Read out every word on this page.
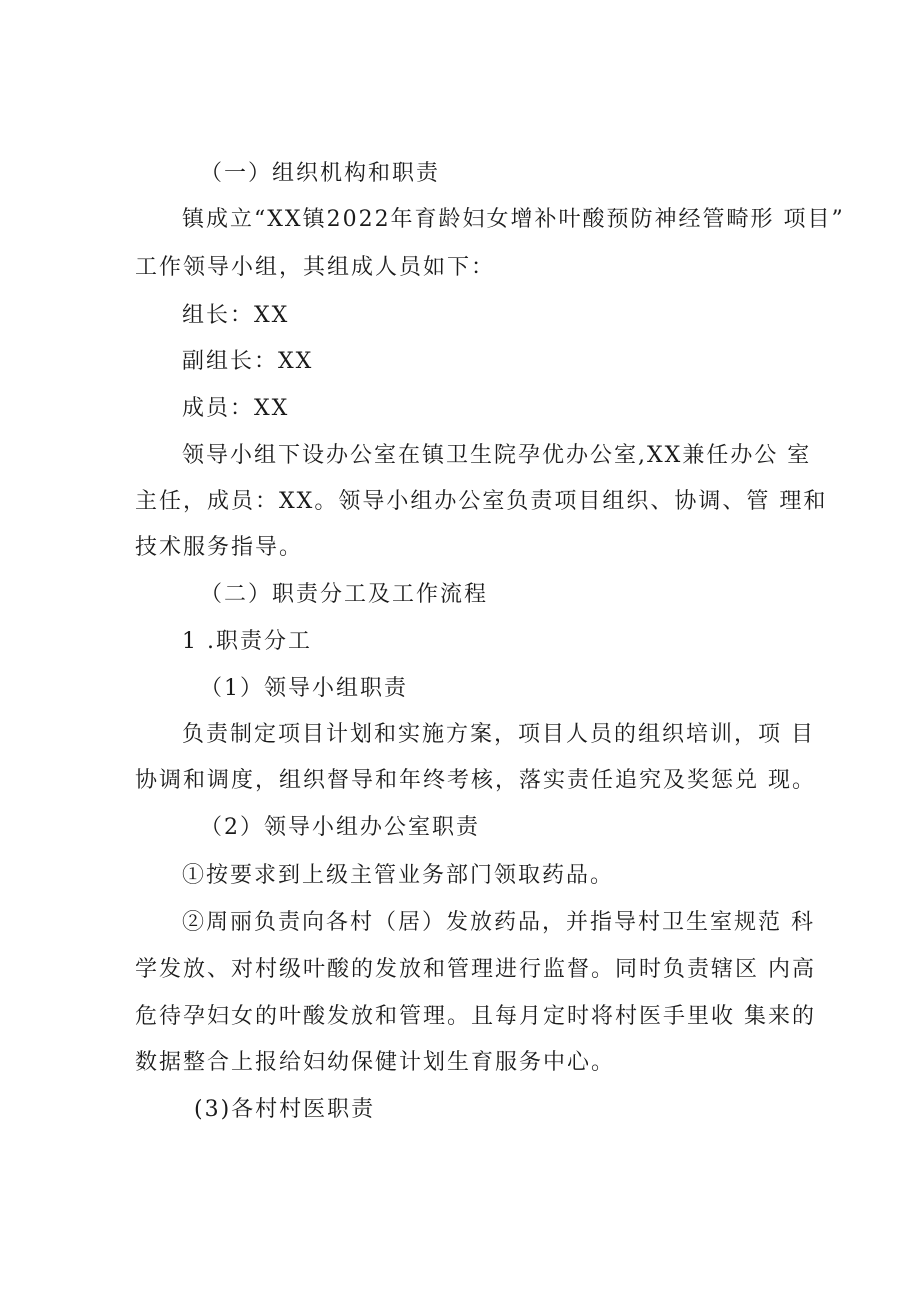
（一）组织机构和职责
镇成立“XX镇2022年育龄妇女增补叶酸预防神经管畸形 项目”
工作领导小组，其组成人员如下：
组长：XX
副组长：XX
成员：XX
领导小组下设办公室在镇卫生院孕优办公室,XX兼任办公 室
主任，成员：XX。领导小组办公室负责项目组织、协调、管 理和
技术服务指导。
（二）职责分工及工作流程
1 .职责分工
（1）领导小组职责
负责制定项目计划和实施方案，项目人员的组织培训，项 目
协调和调度，组织督导和年终考核，落实责任追究及奖惩兑 现。
（2）领导小组办公室职责
①按要求到上级主管业务部门领取药品。
②周丽负责向各村（居）发放药品，并指导村卫生室规范 科
学发放、对村级叶酸的发放和管理进行监督。同时负责辖区 内高
危待孕妇女的叶酸发放和管理。且每月定时将村医手里收 集来的
数据整合上报给妇幼保健计划生育服务中心。
(3)各村村医职责
